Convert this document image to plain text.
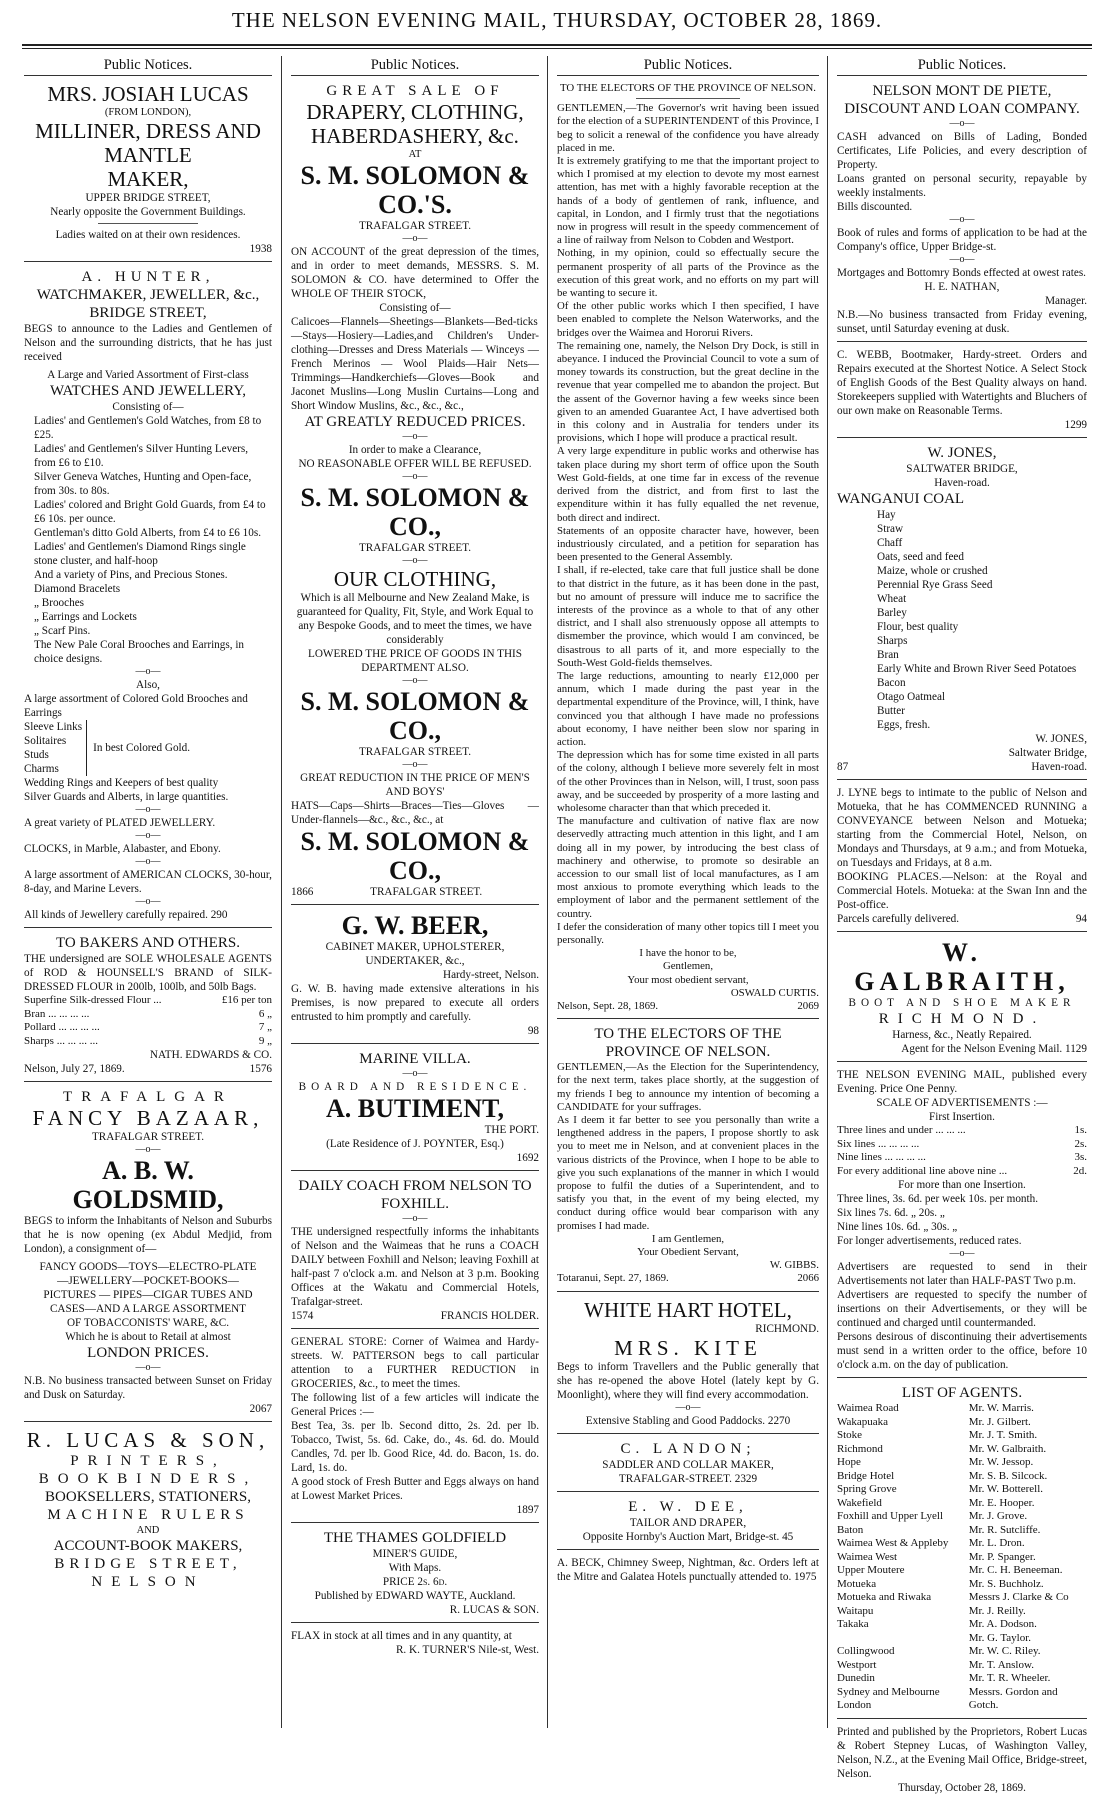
THE NELSON EVENING MAIL, THURSDAY, OCTOBER 28, 1869.
Public Notices.
MRS. JOSIAH LUCAS
(FROM LONDON),
MILLINER, DRESS AND MANTLE
MAKER,
UPPER BRIDGE STREET,
Nearly opposite the Government Buildings.
Ladies waited on at their own residences.
1938
A. HUNTER,
WATCHMAKER, JEWELLER, &c.,
BRIDGE STREET,
BEGS to announce to the Ladies and Gentlemen of Nelson and the surrounding districts, that he has just received
A Large and Varied Assortment of First-class
WATCHES AND JEWELLERY,
Consisting of—
Ladies' and Gentlemen's Gold Watches, from £8 to £25.
Ladies' and Gentlemen's Silver Hunting Levers, from £6 to £10.
Silver Geneva Watches, Hunting and Open-face, from 30s. to 80s.
Ladies' colored and Bright Gold Guards, from £4 to £6 10s. per ounce.
Gentleman's ditto Gold Alberts, from £4 to £6 10s.
Ladies' and Gentlemen's Diamond Rings single stone cluster, and half-hoop
And a variety of Pins, and Precious Stones.
Diamond Bracelets
„ Brooches
„ Earrings and Lockets
„ Scarf Pins.
The New Pale Coral Brooches and Earrings, in choice designs.
—o—
Also,
A large assortment of Colored Gold Brooches and Earrings
Sleeve Links
Solitaires
Studs
Charms
In best Colored Gold.
Wedding Rings and Keepers of best quality
Silver Guards and Alberts, in large quantities.
—o—
A great variety of PLATED JEWELLERY.
—o—
CLOCKS, in Marble, Alabaster, and Ebony.
—o—
A large assortment of AMERICAN CLOCKS, 30-hour, 8-day, and Marine Levers.
—o—
All kinds of Jewellery carefully repaired. 290
TO BAKERS AND OTHERS.
THE undersigned are SOLE WHOLESALE AGENTS of ROD & HOUNSELL'S BRAND of SILK-DRESSED FLOUR in 200lb, 100lb, and 50lb Bags.
Superfine Silk-dressed Flour ...	£16 per ton
Bran ... ... ... ...	6 „
Pollard ... ... ... ...	7 „
Sharps ... ... ... ...	9 „
NATH. EDWARDS & CO.
Nelson, July 27, 1869.	1576
TRAFALGAR
FANCY BAZAAR,
TRAFALGAR STREET.
—o—
A. B. W. GOLDSMID,
BEGS to inform the Inhabitants of Nelson and Suburbs that he is now opening (ex Abdul Medjid, from London), a consignment of—
FANCY GOODS—TOYS—ELECTRO-PLATE
—JEWELLERY—POCKET-BOOKS—
PICTURES — PIPES—CIGAR TUBES AND
CASES—AND A LARGE ASSORTMENT
OF TOBACCONISTS' WARE, &C.
Which he is about to Retail at almost
LONDON PRICES.
—o—
N.B. No business transacted between Sunset on Friday and Dusk on Saturday.
2067
R. LUCAS & SON,
PRINTERS,
BOOKBINDERS,
BOOKSELLERS, STATIONERS,
MACHINE RULERS
AND
ACCOUNT-BOOK MAKERS,
BRIDGE STREET,
NELSON
Public Notices.
GREAT SALE OF
DRAPERY, CLOTHING,
HABERDASHERY, &c.
AT
S. M. SOLOMON & CO.'S.
TRAFALGAR STREET.
—o—
ON ACCOUNT of the great depression of the times, and in order to meet demands, MESSRS. S. M. SOLOMON & CO. have determined to Offer the WHOLE OF THEIR STOCK,
Consisting of—
Calicoes—Flannels—Sheetings—Blankets—Bed-ticks—Stays—Hosiery—Ladies,and Children's Under-clothing—Dresses and Dress Materials — Winceys — French Merinos — Wool Plaids—Hair Nets—Trimmings—Handkerchiefs—Gloves—Book and Jaconet Muslins—Long Muslin Curtains—Long and Short Window Muslins, &c., &c., &c.,
AT GREATLY REDUCED PRICES.
—o—
In order to make a Clearance,
NO REASONABLE OFFER WILL BE REFUSED.
—o—
S. M. SOLOMON & CO.,
TRAFALGAR STREET.
—o—
OUR CLOTHING,
Which is all Melbourne and New Zealand Make, is guaranteed for Quality, Fit, Style, and Work Equal to any Bespoke Goods, and to meet the times, we have considerably
LOWERED THE PRICE OF GOODS IN THIS DEPARTMENT ALSO.
—o—
S. M. SOLOMON & CO.,
TRAFALGAR STREET.
—o—
GREAT REDUCTION IN THE PRICE OF MEN'S AND BOYS'
HATS—Caps—Shirts—Braces—Ties—Gloves —Under-flannels—&c., &c., &c., at
S. M. SOLOMON & CO.,
1866	TRAFALGAR STREET.
G. W. BEER,
CABINET MAKER, UPHOLSTERER, UNDERTAKER, &c.,
Hardy-street, Nelson.
G. W. B. having made extensive alterations in his Premises, is now prepared to execute all orders entrusted to him promptly and carefully.
98
MARINE VILLA.
—o—
BOARD AND RESIDENCE.
A. BUTIMENT,
THE PORT.
(Late Residence of J. POYNTER, Esq.)
1692
DAILY COACH FROM NELSON TO FOXHILL.
—o—
THE undersigned respectfully informs the inhabitants of Nelson and the Waimeas that he runs a COACH DAILY between Foxhill and Nelson; leaving Foxhill at half-past 7 o'clock a.m. and Nelson at 3 p.m. Booking Offices at the Wakatu and Commercial Hotels, Trafalgar-street.
1574	FRANCIS HOLDER.
GENERAL STORE: Corner of Waimea and Hardy-streets. W. PATTERSON begs to call particular attention to a FURTHER REDUCTION in GROCERIES, &c., to meet the times.
The following list of a few articles will indicate the General Prices :—
Best Tea, 3s. per lb. Second ditto, 2s. 2d. per lb. Tobacco, Twist, 5s. 6d. Cake, do., 4s. 6d. do. Mould Candles, 7d. per lb. Good Rice, 4d. do. Bacon, 1s. do. Lard, 1s. do.
A good stock of Fresh Butter and Eggs always on hand at Lowest Market Prices.
1897
THE THAMES GOLDFIELD
MINER'S GUIDE,
With Maps.
PRICE 2s. 6d.
Published by EDWARD WAYTE, Auckland.
R. LUCAS & SON.
FLAX in stock at all times and in any quantity, at
R. K. TURNER'S Nile-st, West.
Public Notices.
TO THE ELECTORS OF THE PROVINCE OF NELSON.
GENTLEMEN,—The Governor's writ having been issued for the election of a SUPERINTENDENT of this Province, I beg to solicit a renewal of the confidence you have already placed in me.
It is extremely gratifying to me that the important project to which I promised at my election to devote my most earnest attention, has met with a highly favorable reception at the hands of a body of gentlemen of rank, influence, and capital, in London, and I firmly trust that the negotiations now in progress will result in the speedy commencement of a line of railway from Nelson to Cobden and Westport.
Nothing, in my opinion, could so effectually secure the permanent prosperity of all parts of the Province as the execution of this great work, and no efforts on my part will be wanting to secure it.
Of the other public works which I then specified, I have been enabled to complete the Nelson Waterworks, and the bridges over the Waimea and Hororui Rivers.
The remaining one, namely, the Nelson Dry Dock, is still in abeyance. I induced the Provincial Council to vote a sum of money towards its construction, but the great decline in the revenue that year compelled me to abandon the project. But the assent of the Governor having a few weeks since been given to an amended Guarantee Act, I have advertised both in this colony and in Australia for tenders under its provisions, which I hope will produce a practical result.
A very large expenditure in public works and otherwise has taken place during my short term of office upon the South West Gold-fields, at one time far in excess of the revenue derived from the district, and from first to last the expenditure within it has fully equalled the net revenue, both direct and indirect.
Statements of an opposite character have, however, been industriously circulated, and a petition for separation has been presented to the General Assembly.
I shall, if re-elected, take care that full justice shall be done to that district in the future, as it has been done in the past, but no amount of pressure will induce me to sacrifice the interests of the province as a whole to that of any other district, and I shall also strenuously oppose all attempts to dismember the province, which would I am convinced, be disastrous to all parts of it, and more especially to the South-West Gold-fields themselves.
The large reductions, amounting to nearly £12,000 per annum, which I made during the past year in the departmental expenditure of the Province, will, I think, have convinced you that although I have made no professions about economy, I have neither been slow nor sparing in action.
The depression which has for some time existed in all parts of the colony, although I believe more severely felt in most of the other Provinces than in Nelson, will, I trust, soon pass away, and be succeeded by prosperity of a more lasting and wholesome character than that which preceded it.
The manufacture and cultivation of native flax are now deservedly attracting much attention in this light, and I am doing all in my power, by introducing the best class of machinery and otherwise, to promote so desirable an accession to our small list of local manufactures, as I am most anxious to promote everything which leads to the employment of labor and the permanent settlement of the country.
I defer the consideration of many other topics till I meet you personally.
I have the honor to be,
Gentlemen,
Your most obedient servant,
OSWALD CURTIS.
Nelson, Sept. 28, 1869.	2069
TO THE ELECTORS OF THE PROVINCE OF NELSON.
GENTLEMEN,—As the Election for the Superintendency, for the next term, takes place shortly, at the suggestion of my friends I beg to announce my intention of becoming a CANDIDATE for your suffrages.
As I deem it far better to see you personally than write a lengthened address in the papers, I propose shortly to ask you to meet me in Nelson, and at convenient places in the various districts of the Province, when I hope to be able to give you such explanations of the manner in which I would propose to fulfil the duties of a Superintendent, and to satisfy you that, in the event of my being elected, my conduct during office would bear comparison with any promises I had made.
I am Gentlemen,
Your Obedient Servant,
W. GIBBS.
Totaranui, Sept. 27, 1869.	2066
WHITE HART HOTEL,
RICHMOND.
MRS. KITE
Begs to inform Travellers and the Public generally that she has re-opened the above Hotel (lately kept by G. Moonlight), where they will find every accommodation.
—o—
Extensive Stabling and Good Paddocks. 2270
C. LANDON;
SADDLER AND COLLAR MAKER,
TRAFALGAR-STREET. 2329
E. W. DEE,
TAILOR AND DRAPER,
Opposite Hornby's Auction Mart, Bridge-st. 45
A. BECK, Chimney Sweep, Nightman, &c. Orders left at the Mitre and Galatea Hotels punctually attended to. 1975
Public Notices.
NELSON MONT DE PIETE, DISCOUNT AND LOAN COMPANY.
—o—
CASH advanced on Bills of Lading, Bonded Certificates, Life Policies, and every description of Property.
Loans granted on personal security, repayable by weekly instalments.
Bills discounted.
—o—
Book of rules and forms of application to be had at the Company's office, Upper Bridge-st.
—o—
Mortgages and Bottomry Bonds effected at owest rates.
H. E. NATHAN,
Manager.
N.B.—No business transacted from Friday evening, sunset, until Saturday evening at dusk.
C. WEBB, Bootmaker, Hardy-street. Orders and Repairs executed at the Shortest Notice. A Select Stock of English Goods of the Best Quality always on hand. Storekeepers supplied with Watertights and Bluchers of our own make on Reasonable Terms.
1299
W. JONES,
SALTWATER BRIDGE,
Haven-road.
WANGANUI COAL
Hay
Straw
Chaff
Oats, seed and feed
Maize, whole or crushed
Perennial Rye Grass Seed
Wheat
Barley
Flour, best quality
Sharps
Bran
Early White and Brown River Seed Potatoes
Bacon
Otago Oatmeal
Butter
Eggs, fresh.
W. JONES,
Saltwater Bridge,
87	Haven-road.
J. LYNE begs to intimate to the public of Nelson and Motueka, that he has COMMENCED RUNNING a CONVEYANCE between Nelson and Motueka; starting from the Commercial Hotel, Nelson, on Mondays and Thursdays, at 9 a.m.; and from Motueka, on Tuesdays and Fridays, at 8 a.m.
BOOKING PLACES.—Nelson: at the Royal and Commercial Hotels. Motueka: at the Swan Inn and the Post-office.
Parcels carefully delivered.	94
W. GALBRAITH,
BOOT AND SHOE MAKER
RICHMOND.
Harness, &c., Neatly Repaired.
Agent for the Nelson Evening Mail. 1129
THE NELSON EVENING MAIL, published every Evening. Price One Penny.
SCALE OF ADVERTISEMENTS :—
First Insertion.
Three lines and under ... ... ...	1s.
Six lines ... ... ... ...	2s.
Nine lines ... ... ... ...	3s.
For every additional line above nine ...	2d.
For more than one Insertion.
Three lines, 3s. 6d. per week 10s. per month.
Six lines 7s. 6d. „ 20s. „
Nine lines 10s. 6d. „ 30s. „
For longer advertisements, reduced rates.
—o—
Advertisers are requested to send in their Advertisements not later than HALF-PAST Two p.m.
Advertisers are requested to specify the number of insertions on their Advertisements, or they will be continued and charged until countermanded.
Persons desirous of discontinuing their advertisements must send in a written order to the office, before 10 o'clock a.m. on the day of publication.
LIST OF AGENTS.
Waimea Road	Mr. W. Marris.
Wakapuaka	Mr. J. Gilbert.
Stoke	Mr. J. T. Smith.
Richmond	Mr. W. Galbraith.
Hope	Mr. W. Jessop.
Bridge Hotel	Mr. S. B. Silcock.
Spring Grove	Mr. W. Botterell.
Wakefield	Mr. E. Hooper.
Foxhill and Upper Lyell	Mr. J. Grove.
Baton	Mr. R. Sutcliffe.
Waimea West & Appleby	Mr. L. Dron.
Waimea West	Mr. P. Spanger.
Upper Moutere	Mr. C. H. Beneeman.
Motueka	Mr. S. Buchholz.
Motueka and Riwaka	Messrs J. Clarke & Co
Waitapu	Mr. J. Reilly.
Takaka	Mr. A. Dodson.
	Mr. G. Taylor.
Collingwood	Mr. W. C. Riley.
Westport	Mr. T. Anslow.
Dunedin	Mr. T. R. Wheeler.
Sydney and Melbourne	Messrs. Gordon and
London	Gotch.
Printed and published by the Proprietors, Robert Lucas & Robert Stepney Lucas, of Washington Valley, Nelson, N.Z., at the Evening Mail Office, Bridge-street, Nelson.
Thursday, October 28, 1869.
